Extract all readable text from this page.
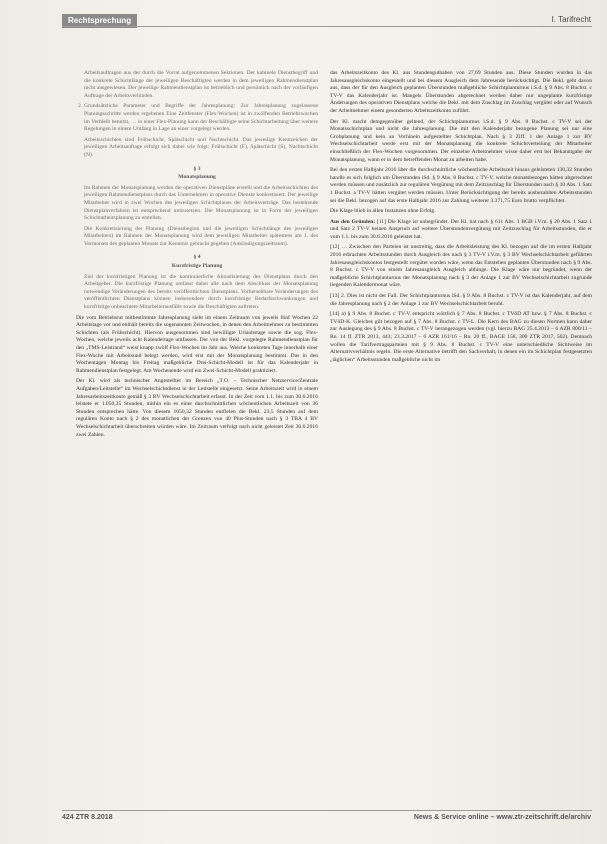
Rechtsprechung	I. Tarifrecht
Arbeitsauftragen aus der durch die Vorrat aufgenommenen Sektionen. Der kabinele Dienstbegriff und die konkrete Schichtlänge der jeweiligen Beschäftigten werden in dem jeweiligen Rahmendienstplan nicht ausgewiesen. Der jeweilige Rahmendienstplan ist betrieblich und persönlich nach der vorläufigen Auftrage der Arbeitsverbinden.
2. Grundsätzliche Parameter und Begriffe der Jahresplanung: Zur Jahresplanung zugelassene Planungsschritte werden ergebenen Eine Zeitfenster (Flex-Wochen) ist in zwölfenden Betriebswochen im Verbleib benutzt, … in einer Flex-Planung kann der Beschäftigte seine Schichtarbeitung über weitere Regelungen in einem Umfang in Lage an einer vorgelegt werden.
Arbeitsschichten sind Frühschicht, Spätschicht und Nachtschicht. Das jeweilige Kennzeichen der jeweiligen Arbeitsauftage erfolgt sich dabei wie folgt: Frühschicht (F), Spätschicht (S), Nachtschicht (N).
§ 3
Monatsplanung
Im Rahmen der Monatsplanung werden die operativen Dienstpläne erstellt und die Arbeitsschichten des jeweiligen Rahmendienstplans durch das Unternehmen in operative Dienste konkretisiert. Der jeweilige Mitarbeiter wird in zwei Wochen des jeweiligen Schichtplanes der Arbeitsverträge. Das bestehende Dienstplanverfahren ist entsprechend umzusetzen. Die Monatsplanung ist in Form der jeweiligen Schichtarbeitsplanung zu erstellen.
Die Konkretisierung der Planung (Dienstbeginn und die jeweiligen Schichtlänge des jeweiligen Mitarbeiters) im Rahmen der Monatsplanung wird dem jeweiligen Mitarbeiter spätestens am 1. des Vormonats des geplanten Monats zur Kenntnis gebracht gegeben (Ankündigungszeitraum).
§ 4
Kurzfristige Planung
Ziel der kurzfristigen Planung ist die kontinuierliche Aktualisierung des Dienstplans durch den Arbeitgeber. Die kurzfristige Planung umfasst dabei alle nach dem Abschluss der Monatsplanung notwendige Veränderungen des bereits veröffentlichten Dienstplans. Vorhersehbare Veränderungen des veröffentlichten Dienstplans können insbesondere durch kurzfristige Bedarfsschwankungen und kurzfristige unbeachtete Mitarbeiterausfälle sowie die Beschäftigten auftreten.
Die vom Betriebsrat mitbestimmte Jahresplanung sieht im einem Zeitraum von jeweils fünf Wochen 22 Arbeitstage vor und enthält bereits die sogenannten Zeitwochen, in denen den Arbeitnehmer zu bestimmten Schichten (als Frühschicht). Hiervon ausgenommen sind bewilligte Urlaubstage sowie die sog. Flex-Wochen, welche jeweils acht Kalendertage umfassen. Der von der Bekl. vorgelegte Rahmendienstplan für den „TMS-Leistrand“ weist knapp zwölf Flex-Wochen im Jahr aus. Welche konkreten Tage innerhalb einer Flex-Woche mit Arbeitsund belegt werden, wird erst mit der Monatsplanung bestimmt. Das in den Wochentagen Montag bis Freitag maßgebliche Drei-Schicht-Modell ist für das Kalenderjahr in Rahmendienstplan festgelegt. Am Wochenende wird ein Zwei-Schicht-Modell praktiziert.
Der Kl. wird als technischer Angestellter im Bereich „T.O. – Technischer Netzservice/Zentrale Aufgaben/Leitstelle“ im Wechselschichtdienst in der Leitstelle eingesetzt. Seine Arbeitszeit wird in einem Jahresarbeitszeitkonto gemäß § 3 BV Wechselschichtarbeit erfasst. In der Zeit vom 1.1. bis zum 30.6.2016 leistete er 1.050,35 Stunden, mithin ein es einer durchschnittlichen wöchentlichen Arbeitszeit von 36 Stunden entsprechen hätte. Von diesem 1050,32 Stunden entfielen die Bekl. 23,5 Stunden auf dem regulären Konto nach § 2 des monatlichen der Grenzen von 40 Plus-Stunden nach § 3 TBA 4 BV Wechselschichtarbeit überschreiten würden wäre. Im Zeitraum verfolgt nach nicht geleistet Zeit 30.6.2016 zwei Zahlen.
das Arbeitszeitkonto des Kl. aus Stundenguthaben von 27,69 Stunden aus. Diese Stunden wurden in das Jahresausgleichskonto eingestellt und bei diesem Ausgleich dem Jahresende berücksichtigt. Die Bekl. geht davon aus, dass der für den Ausgleich geplanten Überstunden maßgebliche Schichtplanturnus i.S.d. § 9 Abs. 8 Buchst. c TV-V das Kalenderjahr ist. Mangels Überstunden abgerechnet werden daher nur ungeplante kurzfristige Änderungen des operativen Dienstplans welche die Bekl. mit dem Zuschlag im Zuschlag vergütet oder auf Wunsch der Arbeitnehmer einem gesonderten Arbeitszeitkonto zuführt.
Der Kl. macht demgegenüber geltend, der Schichtplanturnus i.S.d. § 9 Abs. 8 Buchst. c TV-V sei der Monatsschichtplan und nicht die Jahresplanung. Die mit den Kalenderjahr bezogene Planung sei nur eine Grobplanung und kein an Vorhinein aufgestellter Schichtplan. Nach § 3 Ziff. 1 der Anlage 1 zur BV Wechselschichtarbeit werde erst mit der Monatsplanung die konkrete Schichtverteilung der Mitarbeiter einschließlich der Flex-Wochen vorgenommen. Der einzelne Arbeitnehmer wisse daher erst bei Bekanntgabe der Monatsplanung, wann er in dem betreffenden Monat zu arbeiten habe.
Bei den ersten Halbjahr 2016 über die durchschnittliche wöchentliche Arbeitszeit hinaus geleisteten 130,32 Stunden handle es sich folglich um Überstunden iSd. § 9 Abs. 8 Buchst. c TV-V, welche monatsbezogen hätten abgerechnet werden müssen und zusätzlich zur regulären Vergütung mit dem Zeitzuschlag für Überstunden nach § 10 Abs. 1 Satz 1 Buchst. a TV-V hätten vergütet werden müssen. Unter Berücksichtigung der bereits ausbezahlten Arbeitsstunden sei die Bekl. bezogen auf das erste Halbjahr 2016 zur Zahlung weiterer 3.371,75 Euro brutto verpflichtet.
Die Klage blieb in allen Instanzen ohne Erfolg.
Aus den Gründen: [11] Die Klage ist unbegründet. Der Kl. hat nach § 611 Abs. 1 BGB i.V.m. § 20 Abs. 1 Satz 1 und Satz 2 TV-V keinen Anspruch auf weitere Überstundenvergütung mit Zeitzuschlag für Arbeitsstunden, die er vom 1.1. bis zum 30.6.2016 geleistet hat.
[12] … Zwischen den Parteien ist unstreitig, dass die Arbeitsleistung des Kl. bezogen auf die im ersten Halbjahr 2016 erbrachten Arbeitsstunden durch Ausgleich des nach § 3 TV-V i.V.m. § 3 BV Wechselschichtarbeit geführten Jahresausgleichskontos festgestellt vergütet worden wäre, wenn das Entstehen geplanten Überstunden nach § 9 Abs. 8 Buchst. c TV-V von einem Jahresausgleich Ausgleich abhinge. Die Klage wäre nur begründet, wenn der maßgebliche Schichtplanturnus der Monatsplanung nach § 3 der Anlage 1 zur BV Wechselschichtarbeit zugrunde liegenden Kalendermonat wäre.
[13] 2. Dies ist nicht der Fall. Der Schichtplanturnus iSd. § 9 Abs. 8 Buchst. c TV-V ist das Kalenderjahr, auf dem die Jahresplanung nach § 2 der Anlage 1 zur BV Wechselschichtarbeit beruht.
[14] a) § 9 Abs. 8 Buchst. c TV-V entspricht wörtlich § 7 Abs. 8 Buchst. c TVöD AT bzw. § 7 Abs. 8 Buchst. c TVöD-K. Gleiches gilt bezogen auf § 7 Abs. 8 Buchst. c TV-L. Die Kern des BAG zu diesen Normen kann daher zur Auslegung des § 9 Abs. 8 Buchst. c TV-V herangezogen werden (vgl. hierzu BAG 25.4.2013 – 6 AZR 800/11 – Rn. 14 ff. ZTR 2013, 443; 23.3.2017 – 6 AZR 161/16 – Rn. 20 ff., BAGE 158, 300 ZTR 2017, 502). Demnach wollen die Tarifvertragsparteien mit § 9 Abs. 8 Buchst. c TV-V eine unterschiedliche Sichtweise im Alternativverhältnis regeln. Die erste Alternative betrifft den Sachverhalt, in denen ein im Schichtplan festgesetzten „täglichen“ Arbeitsstunden maßgebliche nicht im
424 ZTR 8.2018	News & Service online – www.ztr-zeitschrift.de/archiv
